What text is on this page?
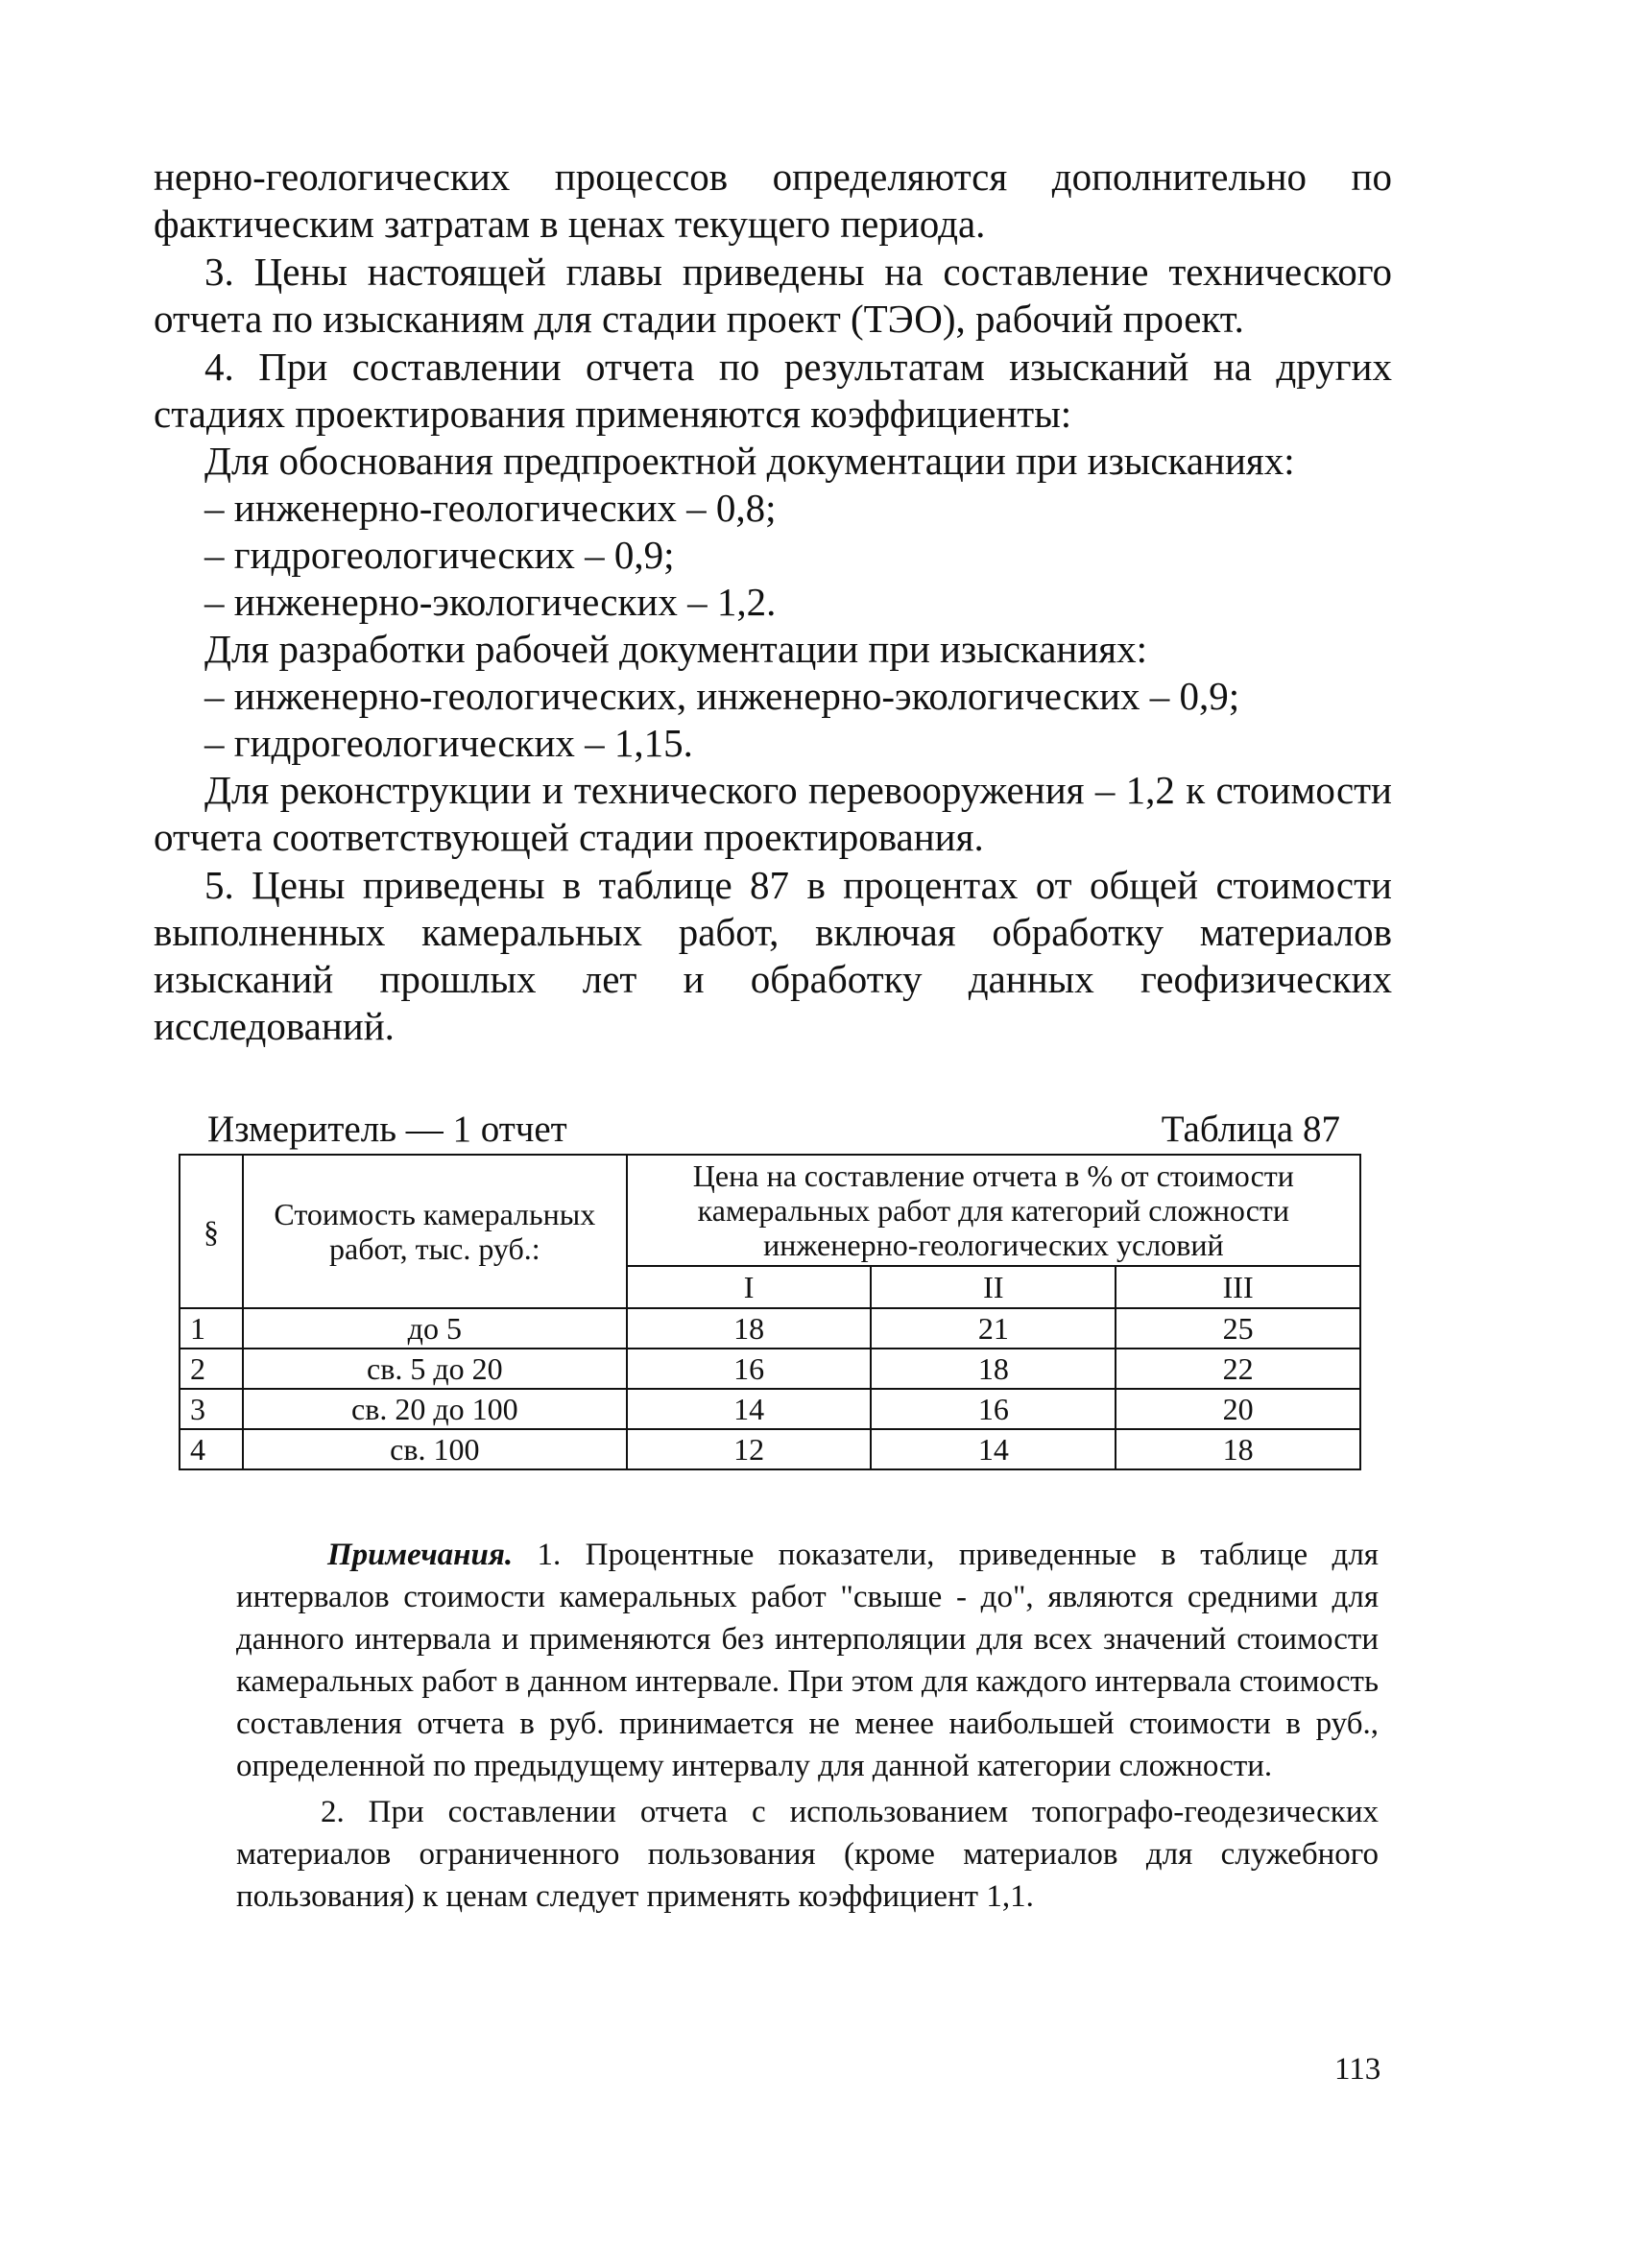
нерно-геологических процессов определяются дополнительно по фактическим затратам в ценах текущего периода.

3. Цены настоящей главы приведены на составление технического отчета по изысканиям для стадии проект (ТЭО), рабочий проект.

4. При составлении отчета по результатам изысканий на других стадиях проектирования применяются коэффициенты:

Для обоснования предпроектной документации при изысканиях:

– инженерно-геологических – 0,8;

– гидрогеологических – 0,9;

– инженерно-экологических – 1,2.

Для разработки рабочей документации при изысканиях:

– инженерно-геологических, инженерно-экологических – 0,9;

– гидрогеологических – 1,15.

Для реконструкции и технического перевооружения – 1,2 к стоимости отчета соответствующей стадии проектирования.

5. Цены приведены в таблице 87 в процентах от общей стоимости выполненных камеральных работ, включая обработку материалов изысканий прошлых лет и обработку данных геофизических исследований.

Измеритель — 1 отчет	Таблица 87
§	Стоимость камеральных работ, тыс. руб.:	Цена на составление отчета в % от стоимости камеральных работ для категорий сложности инженерно-геологических условий		
		I	II	III
1	до 5	18	21	25
2	св. 5 до 20	16	18	22
3	св. 20 до 100	14	16	20
4	св. 100	12	14	18

Примечания. 1. Процентные показатели, приведенные в таблице для интервалов стоимости камеральных работ "свыше - до", являются средними для данного интервала и применяются без интерполяции для всех значений стоимости камеральных работ в данном интервале. При этом для каждого интервала стоимость составления отчета в руб. принимается не менее наибольшей стоимости в руб., определенной по предыдущему интервалу для данной категории сложности.

2. При составлении отчета с использованием топографо-геодезических материалов ограниченного пользования (кроме материалов для служебного пользования) к ценам следует применять коэффициент 1,1.

113
